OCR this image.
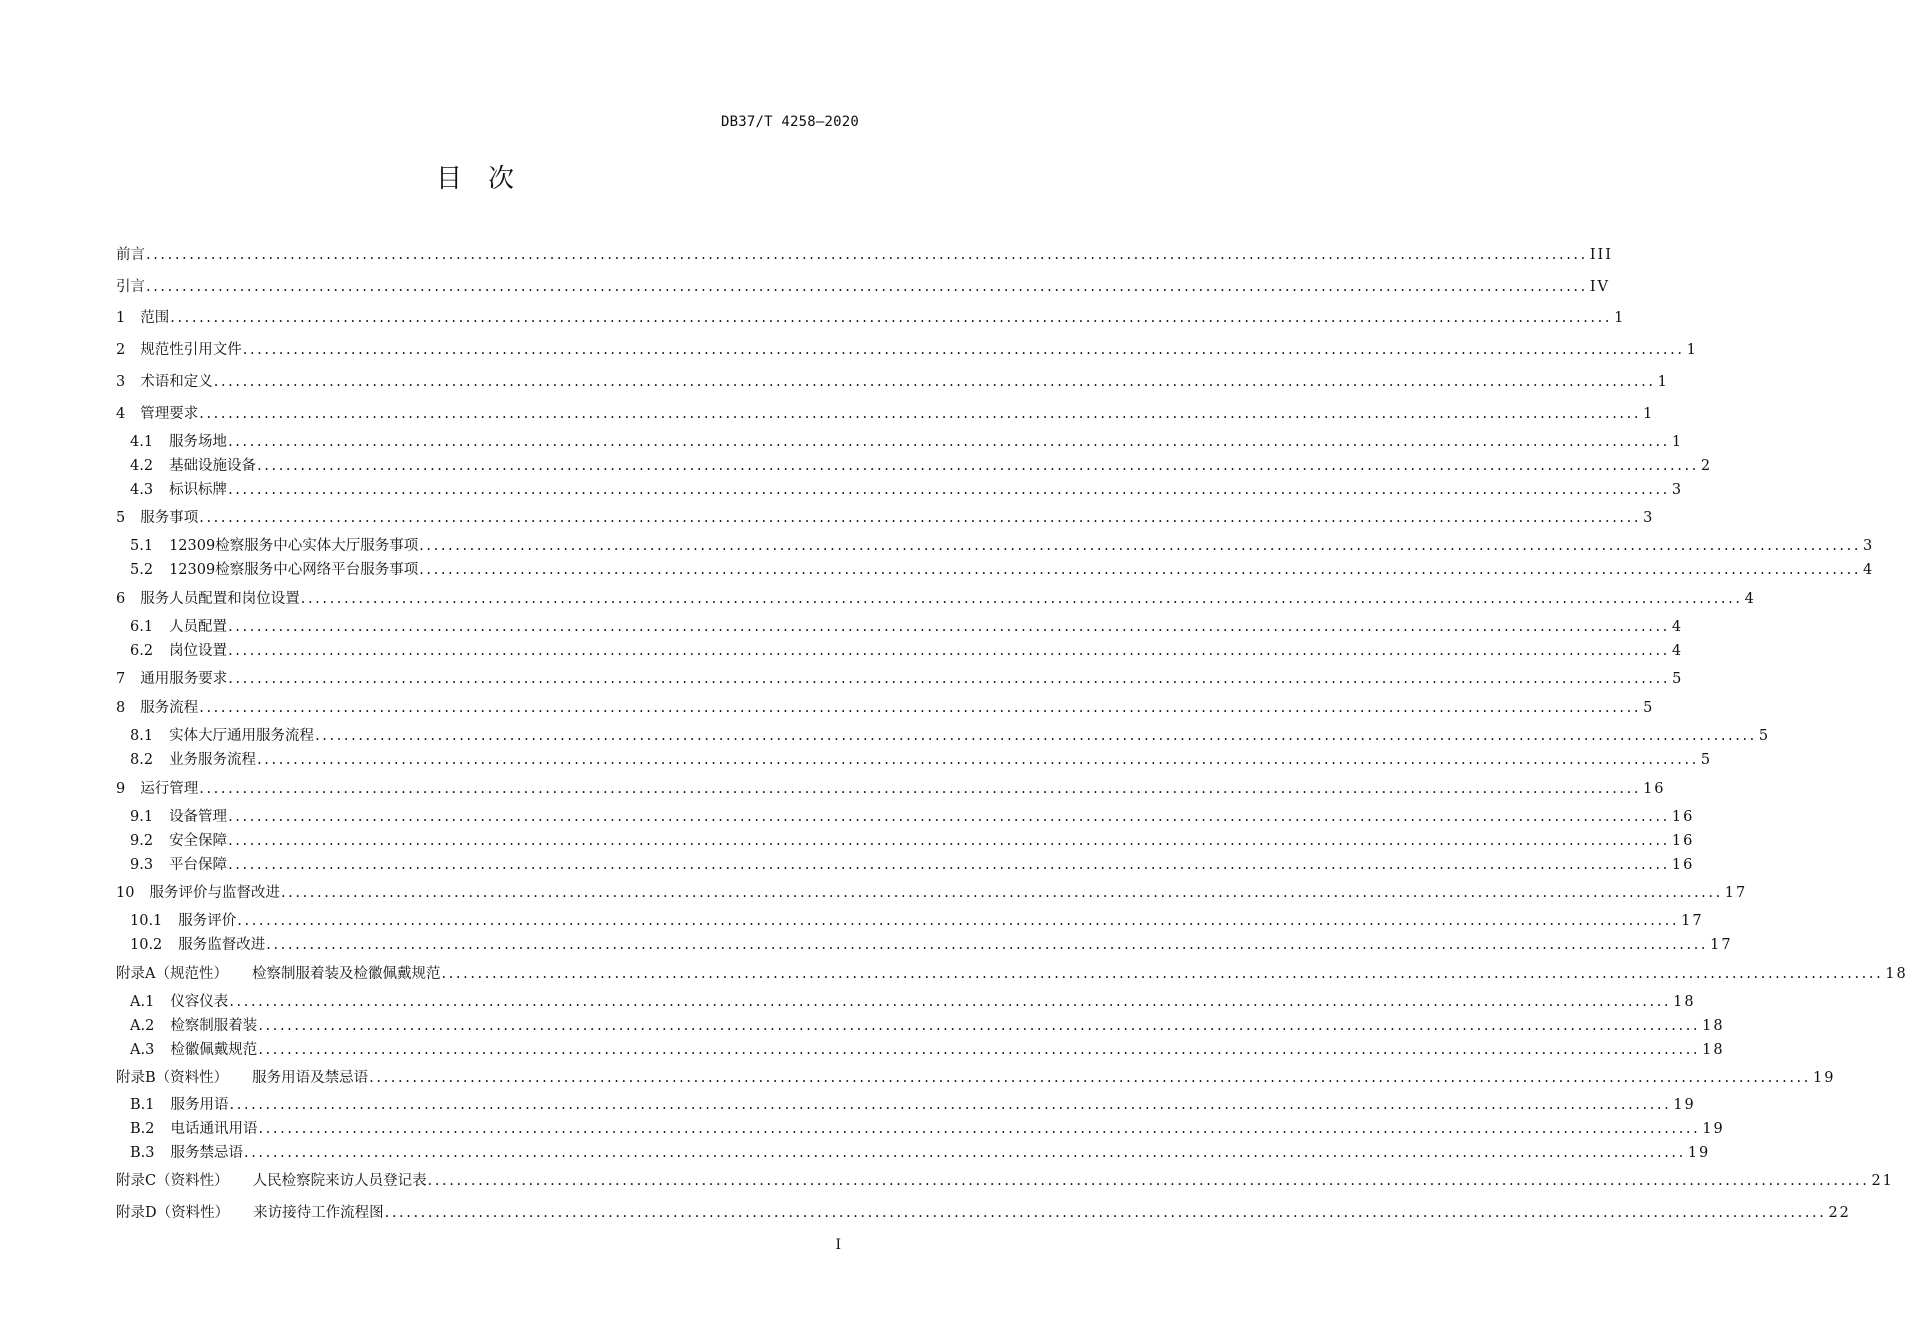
DB37/T 4258—2020
目次
前言 ........................................................................................................................................................................................................ III
引言 ........................................................................................................................................................................................................ IV
1 范围 ........................................................................................................................................................................................................ 1
2 规范性引用文件 ........................................................................................................................................................................................................ 1
3 术语和定义 ........................................................................................................................................................................................................ 1
4 管理要求 ........................................................................................................................................................................................................ 1
4.1 服务场地 ........................................................................................................................................................................................................ 1
4.2 基础设施设备 ........................................................................................................................................................................................................ 2
4.3 标识标牌 ........................................................................................................................................................................................................ 3
5 服务事项 ........................................................................................................................................................................................................ 3
5.1 12309检察服务中心实体大厅服务事项 ........................................................................................................................................................................................................ 3
5.2 12309检察服务中心网络平台服务事项 ........................................................................................................................................................................................................ 4
6 服务人员配置和岗位设置 ........................................................................................................................................................................................................ 4
6.1 人员配置 ........................................................................................................................................................................................................ 4
6.2 岗位设置 ........................................................................................................................................................................................................ 4
7 通用服务要求 ........................................................................................................................................................................................................ 5
8 服务流程 ........................................................................................................................................................................................................ 5
8.1 实体大厅通用服务流程 ........................................................................................................................................................................................................ 5
8.2 业务服务流程 ........................................................................................................................................................................................................ 5
9 运行管理 ........................................................................................................................................................................................................ 16
9.1 设备管理 ........................................................................................................................................................................................................ 16
9.2 安全保障 ........................................................................................................................................................................................................ 16
9.3 平台保障 ........................................................................................................................................................................................................ 16
10 服务评价与监督改进 ........................................................................................................................................................................................................ 17
10.1 服务评价 ........................................................................................................................................................................................................ 17
10.2 服务监督改进 ........................................................................................................................................................................................................ 17
附录A（规范性） 检察制服着装及检徽佩戴规范 ........................................................................................................................................................................................................ 18
A.1 仪容仪表 ........................................................................................................................................................................................................ 18
A.2 检察制服着装 ........................................................................................................................................................................................................ 18
A.3 检徽佩戴规范 ........................................................................................................................................................................................................ 18
附录B（资料性） 服务用语及禁忌语 ........................................................................................................................................................................................................ 19
B.1 服务用语 ........................................................................................................................................................................................................ 19
B.2 电话通讯用语 ........................................................................................................................................................................................................ 19
B.3 服务禁忌语 ........................................................................................................................................................................................................ 19
附录C（资料性） 人民检察院来访人员登记表 ........................................................................................................................................................................................................ 21
附录D（资料性） 来访接待工作流程图 ........................................................................................................................................................................................................ 22
I
